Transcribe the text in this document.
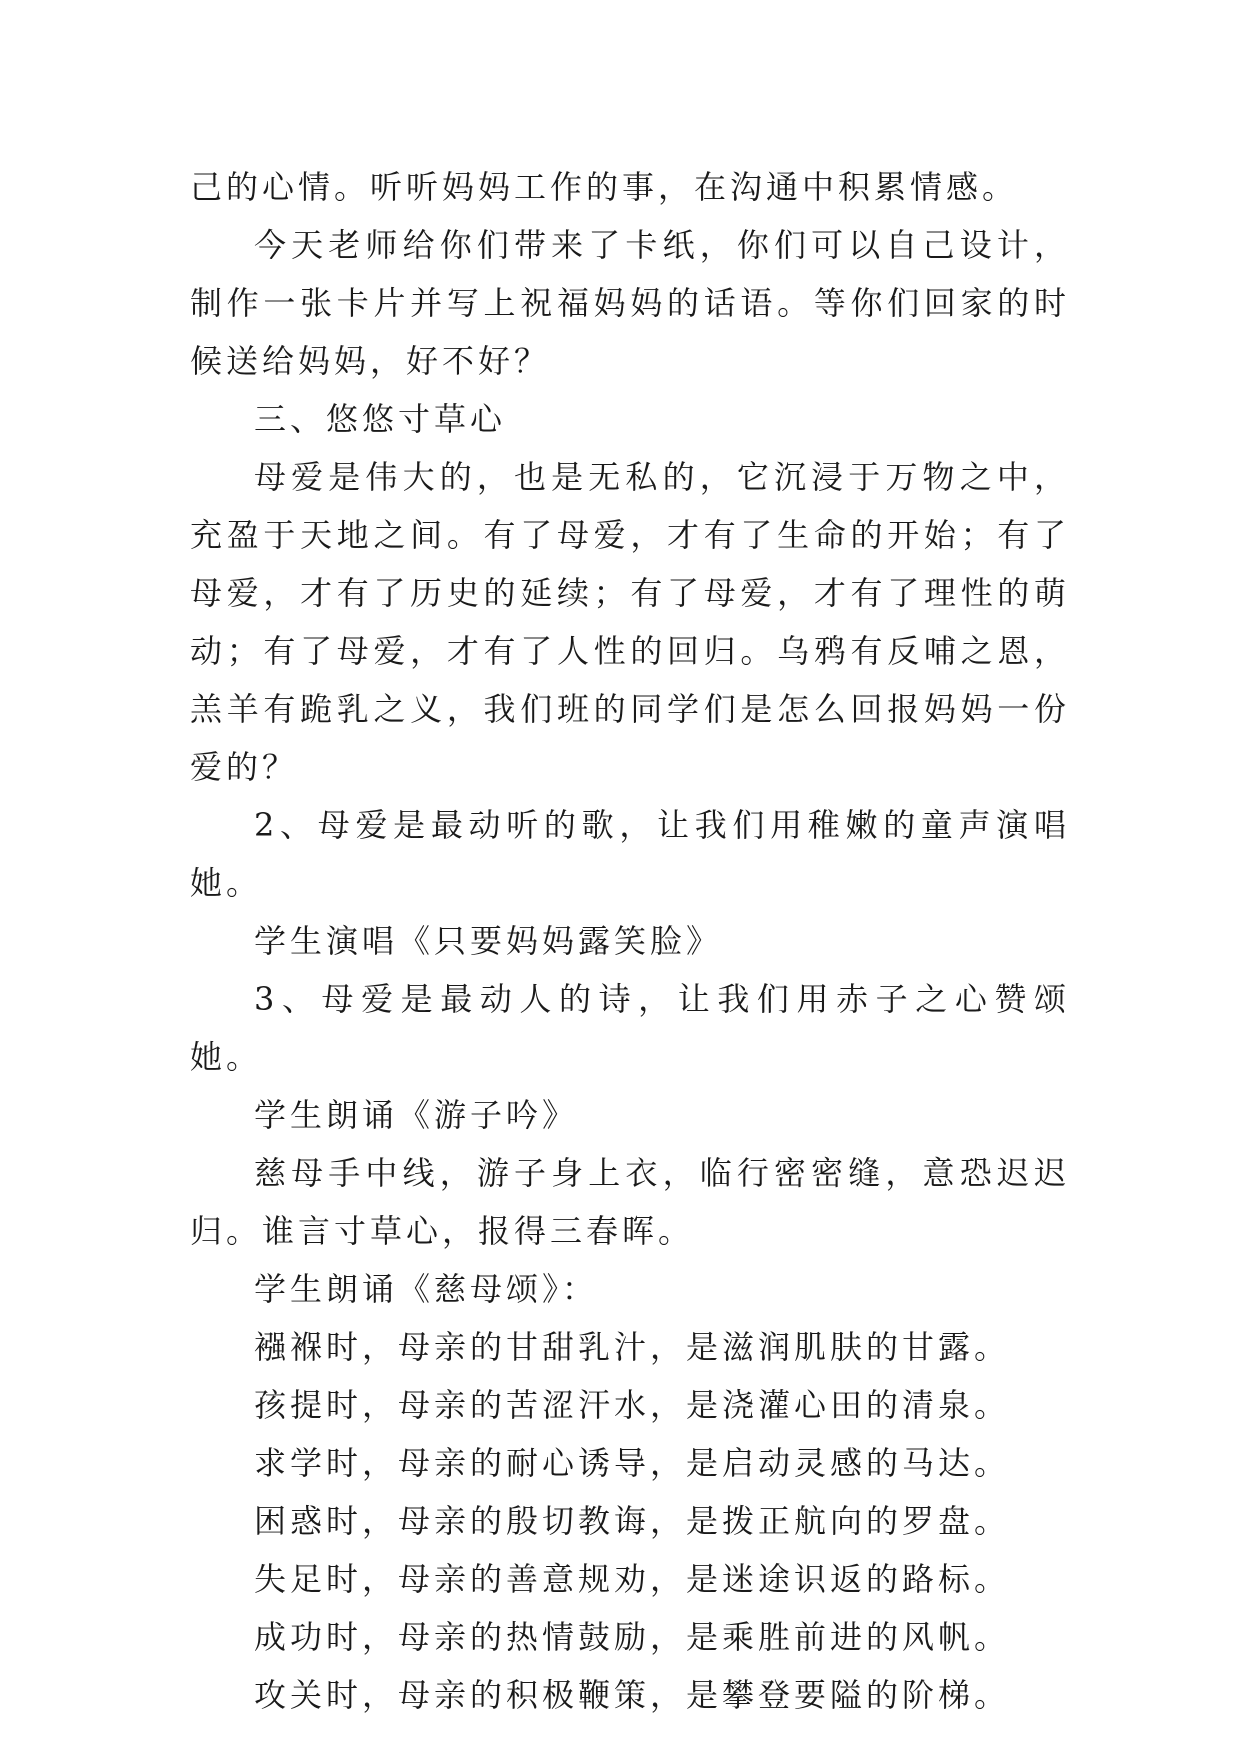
己的心情。听听妈妈工作的事，在沟通中积累情感。

今天老师给你们带来了卡纸，你们可以自己设计，制作一张卡片并写上祝福妈妈的话语。等你们回家的时候送给妈妈，好不好？

三、悠悠寸草心

母爱是伟大的，也是无私的，它沉浸于万物之中，充盈于天地之间。有了母爱，才有了生命的开始；有了母爱，才有了历史的延续；有了母爱，才有了理性的萌动；有了母爱，才有了人性的回归。乌鸦有反哺之恩，羔羊有跪乳之义，我们班的同学们是怎么回报妈妈一份爱的？

2、母爱是最动听的歌，让我们用稚嫩的童声演唱她。

学生演唱《只要妈妈露笑脸》

3、母爱是最动人的诗，让我们用赤子之心赞颂她。

学生朗诵《游子吟》

慈母手中线，游子身上衣，临行密密缝，意恐迟迟归。谁言寸草心，报得三春晖。

学生朗诵《慈母颂》：

襁褓时，母亲的甘甜乳汁，是滋润肌肤的甘露。

孩提时，母亲的苦涩汗水，是浇灌心田的清泉。

求学时，母亲的耐心诱导，是启动灵感的马达。

困惑时，母亲的殷切教诲，是拨正航向的罗盘。

失足时，母亲的善意规劝，是迷途识返的路标。

成功时，母亲的热情鼓励，是乘胜前进的风帆。

攻关时，母亲的积极鞭策，是攀登要隘的阶梯。
